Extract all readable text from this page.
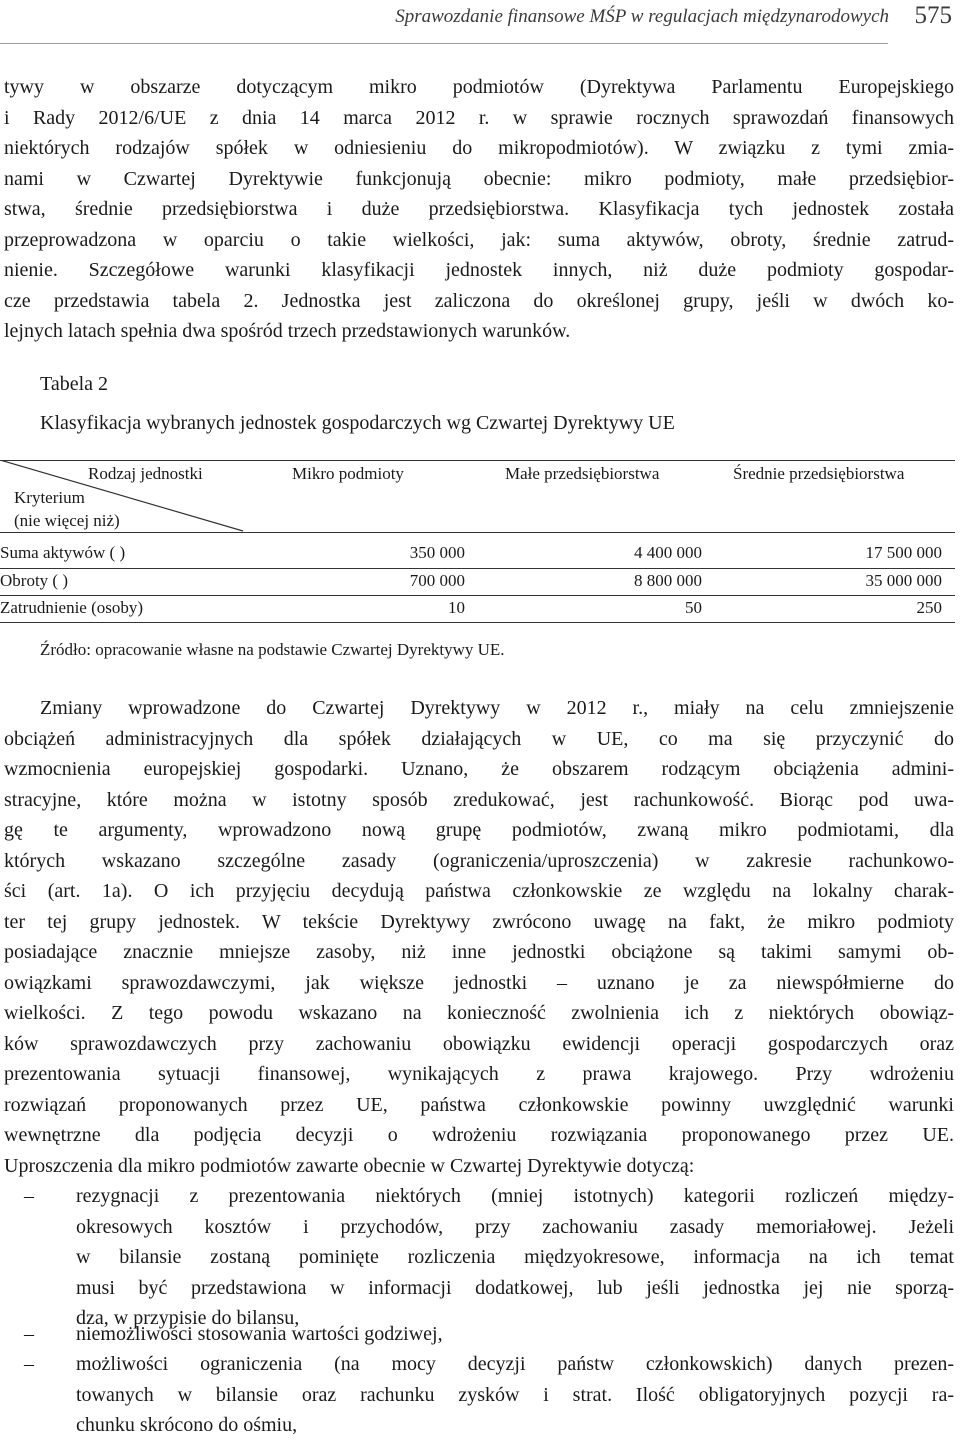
Sprawozdanie finansowe MŚP w regulacjach międzynarodowych 575
tywy w obszarze dotyczącym mikro podmiotów (Dyrektywa Parlamentu Europejskiego
i Rady 2012/6/UE z dnia 14 marca 2012 r. w sprawie rocznych sprawozdań finansowych
niektórych rodzajów spółek w odniesieniu do mikropodmiotów). W związku z tymi zmia-
nami w Czwartej Dyrektywie funkcjonują obecnie: mikro podmioty, małe przedsiębior-
stwa, średnie przedsiębiorstwa i duże przedsiębiorstwa. Klasyfikacja tych jednostek została
przeprowadzona w oparciu o takie wielkości, jak: suma aktywów, obroty, średnie zatrud-
nienie. Szczegółowe warunki klasyfikacji jednostek innych, niż duże podmioty gospodar-
cze przedstawia tabela 2. Jednostka jest zaliczona do określonej grupy, jeśli w dwóch ko-
lejnych latach spełnia dwa spośród trzech przedstawionych warunków.
Tabela 2
Klasyfikacja wybranych jednostek gospodarczych wg Czwartej Dyrektywy UE
Rodzaj jednostki
Kryterium
(nie więcej niż)
Mikro podmioty	Małe przedsiębiorstwa	Średnie przedsiębiorstwa
Suma aktywów ( )	350 000	4 400 000	17 500 000
Obroty ( )	700 000	8 800 000	35 000 000
Zatrudnienie (osoby)	10	50	250
Źródło: opracowanie własne na podstawie Czwartej Dyrektywy UE.
Zmiany wprowadzone do Czwartej Dyrektywy w 2012 r., miały na celu zmniejszenie
obciążeń administracyjnych dla spółek działających w UE, co ma się przyczynić do
wzmocnienia europejskiej gospodarki. Uznano, że obszarem rodzącym obciążenia admini-
stracyjne, które można w istotny sposób zredukować, jest rachunkowość. Biorąc pod uwa-
gę te argumenty, wprowadzono nową grupę podmiotów, zwaną mikro podmiotami, dla
których wskazano szczególne zasady (ograniczenia/uproszczenia) w zakresie rachunkowo-
ści (art. 1a). O ich przyjęciu decydują państwa członkowskie ze względu na lokalny charak-
ter tej grupy jednostek. W tekście Dyrektywy zwrócono uwagę na fakt, że mikro podmioty
posiadające znacznie mniejsze zasoby, niż inne jednostki obciążone są takimi samymi ob-
owiązkami sprawozdawczymi, jak większe jednostki – uznano je za niewspółmierne do
wielkości. Z tego powodu wskazano na konieczność zwolnienia ich z niektórych obowiąz-
ków sprawozdawczych przy zachowaniu obowiązku ewidencji operacji gospodarczych oraz
prezentowania sytuacji finansowej, wynikających z prawa krajowego. Przy wdrożeniu
rozwiązań proponowanych przez UE, państwa członkowskie powinny uwzględnić warunki
wewnętrzne dla podjęcia decyzji o wdrożeniu rozwiązania proponowanego przez UE.
Uproszczenia dla mikro podmiotów zawarte obecnie w Czwartej Dyrektywie dotyczą:
– rezygnacji z prezentowania niektórych (mniej istotnych) kategorii rozliczeń między-
okresowych kosztów i przychodów, przy zachowaniu zasady memoriałowej. Jeżeli
w bilansie zostaną pominięte rozliczenia międzyokresowe, informacja na ich temat
musi być przedstawiona w informacji dodatkowej, lub jeśli jednostka jej nie sporzą-
dza, w przypisie do bilansu,
– niemożliwości stosowania wartości godziwej,
– możliwości ograniczenia (na mocy decyzji państw członkowskich) danych prezen-
towanych w bilansie oraz rachunku zysków i strat. Ilość obligatoryjnych pozycji ra-
chunku skrócono do ośmiu,
